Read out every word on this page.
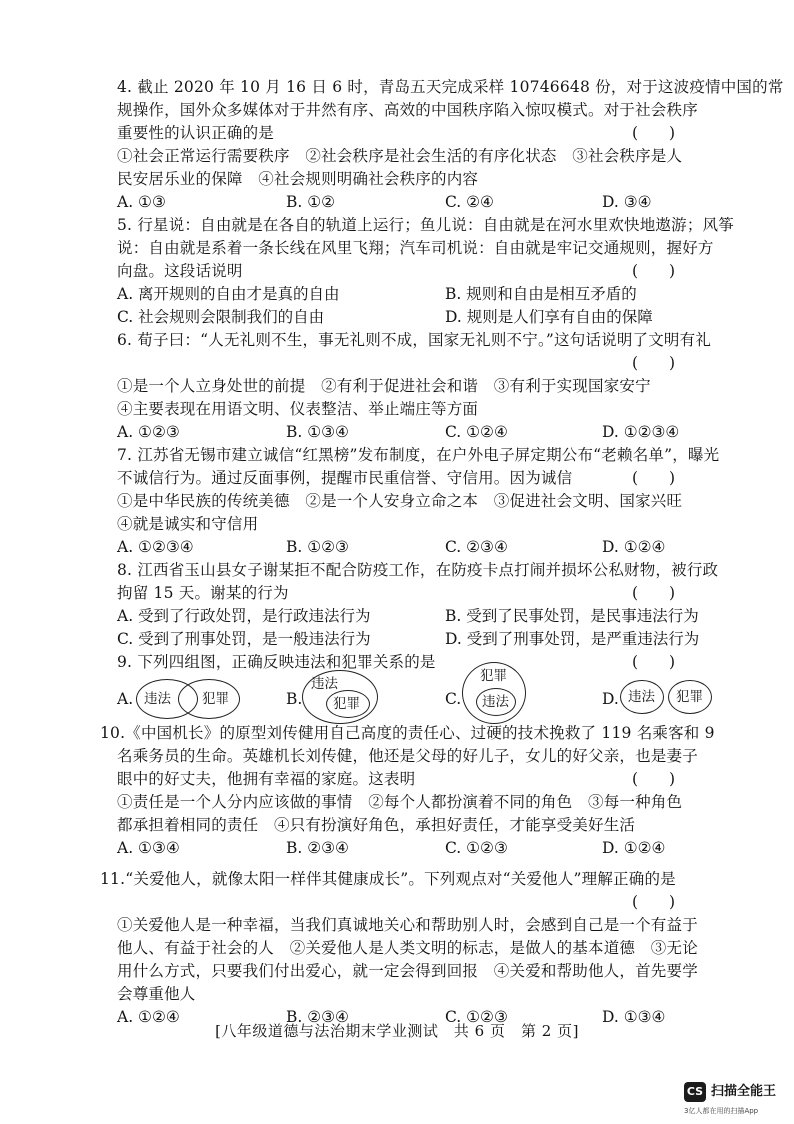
4. 截止 2020 年 10 月 16 日 6 时，青岛五天完成采样 10746648 份，对于这波疫情中国的常
规操作，国外众多媒体对于井然有序、高效的中国秩序陷入惊叹模式。对于社会秩序
重要性的认识正确的是	(　　)
①社会正常运行需要秩序　②社会秩序是社会生活的有序化状态　③社会秩序是人
民安居乐业的保障　④社会规则明确社会秩序的内容
A. ①③	B. ①②	C. ②④	D. ③④
5. 行星说：自由就是在各自的轨道上运行；鱼儿说：自由就是在河水里欢快地遨游；风筝
说：自由就是系着一条长线在风里飞翔；汽车司机说：自由就是牢记交通规则，握好方
向盘。这段话说明	(　　)
A. 离开规则的自由才是真的自由	B. 规则和自由是相互矛盾的
C. 社会规则会限制我们的自由	D. 规则是人们享有自由的保障
6. 荀子曰：“人无礼则不生，事无礼则不成，国家无礼则不宁。”这句话说明了文明有礼
(　　)
①是一个人立身处世的前提　②有利于促进社会和谐　③有利于实现国家安宁
④主要表现在用语文明、仪表整洁、举止端庄等方面
A. ①②③	B. ①③④	C. ①②④	D. ①②③④
7. 江苏省无锡市建立诚信“红黑榜”发布制度，在户外电子屏定期公布“老赖名单”，曝光
不诚信行为。通过反面事例，提醒市民重信誉、守信用。因为诚信	(　　)
①是中华民族的传统美德　②是一个人安身立命之本　③促进社会文明、国家兴旺
④就是诚实和守信用
A. ①②③④	B. ①②③	C. ②③④	D. ①②④
8. 江西省玉山县女子谢某拒不配合防疫工作，在防疫卡点打闹并损坏公私财物，被行政
拘留 15 天。谢某的行为	(　　)
A. 受到了行政处罚，是行政违法行为	B. 受到了民事处罚，是民事违法行为
C. 受到了刑事处罚，是一般违法行为	D. 受到了刑事处罚，是严重违法行为
9. 下列四组图，正确反映违法和犯罪关系的是	(　　)
A. 违法 犯罪	B.
违法
犯罪	C.
犯罪
违法	D. 违法 犯罪
10.《中国机长》的原型刘传健用自己高度的责任心、过硬的技术挽救了 119 名乘客和 9
名乘务员的生命。英雄机长刘传健，他还是父母的好儿子，女儿的好父亲，也是妻子
眼中的好丈夫，他拥有幸福的家庭。这表明	(　　)
①责任是一个人分内应该做的事情　②每个人都扮演着不同的角色　③每一种角色
都承担着相同的责任　④只有扮演好角色，承担好责任，才能享受美好生活
A. ①③④	B. ②③④	C. ①②③	D. ①②④
11.“关爱他人，就像太阳一样伴其健康成长”。下列观点对“关爱他人”理解正确的是
(　　)
①关爱他人是一种幸福，当我们真诚地关心和帮助别人时，会感到自己是一个有益于
他人、有益于社会的人　②关爱他人是人类文明的标志，是做人的基本道德　③无论
用什么方式，只要我们付出爱心，就一定会得到回报　④关爱和帮助他人，首先要学
会尊重他人
A. ①②④	B. ②③④	C. ①②③	D. ①③④
[八年级道德与法治期末学业测试　共 6 页　第 2 页]
CS 扫描全能王
3亿人都在用的扫描App
